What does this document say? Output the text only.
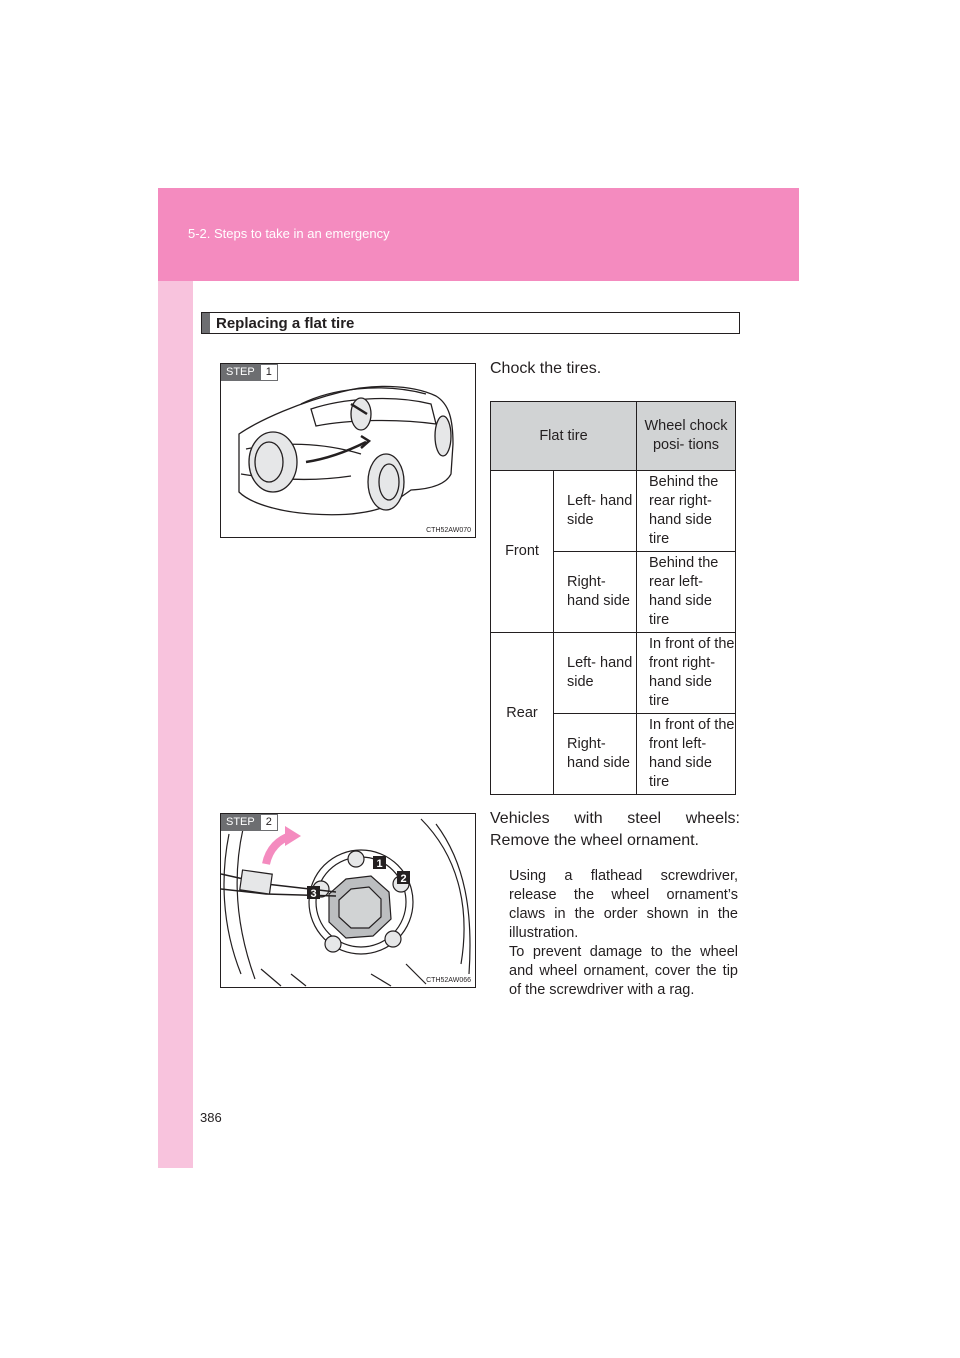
5-2. Steps to take in an emergency
Replacing a flat tire
STEP	1
CTH52AW070
Chock the tires.
Flat tire		Wheel chock posi- tions
Front	Left- hand side	Behind the rear right- hand side tire
	Right- hand side	Behind the rear left- hand side tire
Rear	Left- hand side	In front of the front right-hand side tire
	Right- hand side	In front of the front left-hand side tire
1
2
3
STEP	2
CTH52AW066
Vehicles with steel wheels:
Remove the wheel ornament.

Using a flathead screwdriver, release the wheel ornament’s claws in the order shown in the illustration.

To prevent damage to the wheel and wheel ornament, cover the tip of the screwdriver with a rag.

386
